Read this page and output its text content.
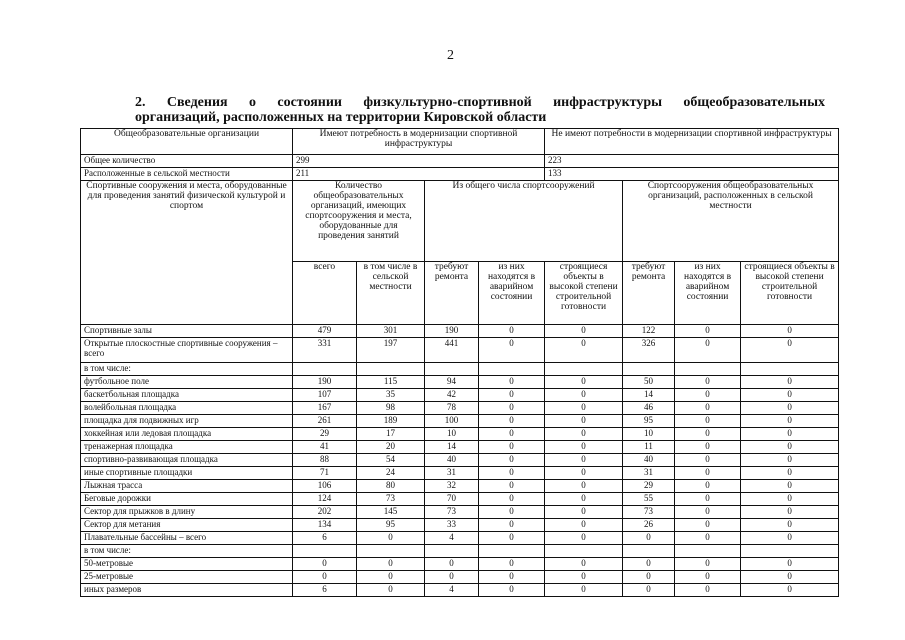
2
2. Сведения о состоянии физкультурно-спортивной инфраструктуры общеобразовательных
организаций, расположенных на территории Кировской области
Общеобразовательные организации	Имеют потребность в модернизации спортивной инфраструктуры				Не имеют потребности в модернизации спортивной инфраструктуры			
Общее количество	299				223			
Расположенные в сельской местности	211				133			
Спортивные сооружения и места, оборудованные для проведения занятий физической культурой и спортом	Количество общеобразовательных организаций, имеющих спортсооружения и места, оборудованные для проведения занятий		Из общего числа спортсооружений			Спортсооружения общеобразовательных организаций, расположенных в сельской местности		
	всего	в том числе в сельской местности	требуют ремонта	из них находятся в аварийном состоянии	строящиеся объекты в высокой степени строительной готовности	требуют ремонта	из них находятся в аварийном состоянии	строящиеся объекты в высокой степени строительной готовности
Спортивные залы	479	301	190	0	0	122	0	0
Открытые плоскостные спортивные сооружения – всего	331	197	441	0	0	326	0	0
в том числе:								
футбольное поле	190	115	94	0	0	50	0	0
баскетбольная площадка	107	35	42	0	0	14	0	0
волейбольная площадка	167	98	78	0	0	46	0	0
площадка для подвижных игр	261	189	100	0	0	95	0	0
хоккейная или ледовая площадка	29	17	10	0	0	10	0	0
тренажерная площадка	41	20	14	0	0	11	0	0
спортивно-развивающая площадка	88	54	40	0	0	40	0	0
иные спортивные площадки	71	24	31	0	0	31	0	0
Лыжная трасса	106	80	32	0	0	29	0	0
Беговые дорожки	124	73	70	0	0	55	0	0
Сектор для прыжков в длину	202	145	73	0	0	73	0	0
Сектор для метания	134	95	33	0	0	26	0	0
Плавательные бассейны – всего	6	0	4	0	0	0	0	0
в том числе:								
50-метровые	0	0	0	0	0	0	0	0
25-метровые	0	0	0	0	0	0	0	0
иных размеров	6	0	4	0	0	0	0	0
